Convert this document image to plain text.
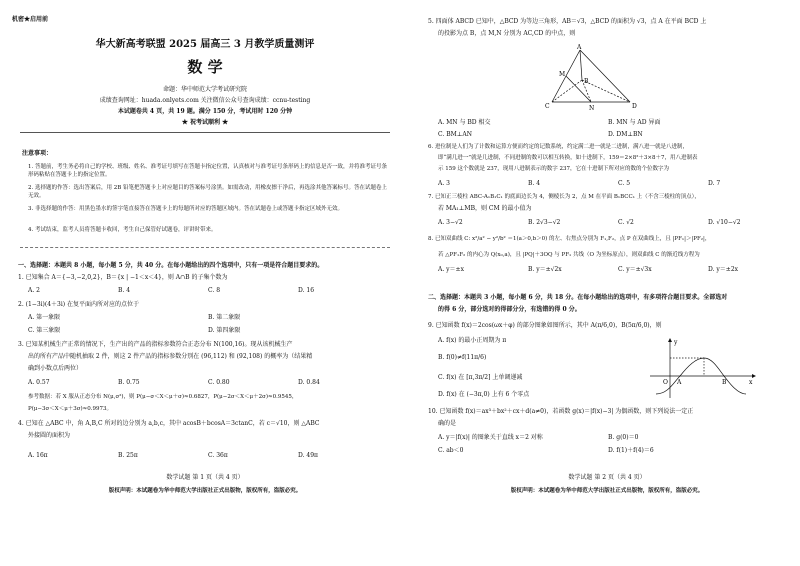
机密★启用前
华大新高考联盟 2025 届高三 3 月教学质量测评
数 学
命题：华中师范大学考试研究院
成绩查询网址：huada.onlyets.com 关注微信公众号查询成绩：ccnu-testing
本试题卷共 4 页，共 19 题。满分 150 分，考试用时 120 分钟
★ 祝考试顺利 ★
注意事项：
1. 答题前，考生务必将自己的学校、班级、姓名、准考证号填写在答题卡指定位置，认真核对与准考证号条形码上的信息是否一致，并将准考证号条形码粘贴在答题卡上的指定位置。
2. 选择题的作答：选出答案后，用 2B 铅笔把答题卡上对应题目的答案标号涂黑。如需改动，用橡皮擦干净后，再选涂其他答案标号。答在试题卷上无效。
3. 非选择题的作答：用黑色墨水的签字笔直接答在答题卡上的每题所对应的答题区域内。答在试题卷上或答题卡指定区域外无效。
4. 考试结束，监考人员将答题卡收回，考生自己保管好试题卷，评讲时带来。
一、选择题：本题共 8 小题，每小题 5 分，共 40 分。在每小题给出的四个选项中，只有一项是符合题目要求的。
1. 已知集合 A＝{−3,−2,0,2}，B＝{x | −1＜x＜4}，则 A∩B 的子集个数为
A. 2	B. 4	C. 8	D. 16
2. (1−3i)(4＋3i) 在复平面内所对应的点位于
A. 第一象限	B. 第二象限
C. 第三象限	D. 第四象限
3. 已知某机械生产正常的情况下，生产出的产品的指标参数符合正态分布 N(100,16)。现从该机械生产
出的所有产品中随机抽取 2 件，则这 2 件产品的指标参数分别在 (96,112) 和 (92,108) 的概率为（结果精
确到小数点后两位）
A. 0.57	B. 0.75	C. 0.80	D. 0.84
参考数据：若 X 服从正态分布 N(μ,σ²)，则 P(μ−σ＜X＜μ＋σ)≈0.6827，P(μ−2σ＜X＜μ＋2σ)≈0.9545，
P(μ−3σ＜X＜μ＋3σ)≈0.9973。
4. 已知在 △ABC 中，角 A,B,C 所对的边分别为 a,b,c，其中 acosB＋bcosA＝3ctanC，若 c＝√10，则 △ABC
外接圆的面积为
A. 16π	B. 25π	C. 36π	D. 49π
数学试题 第 1 页（共 4 页）
版权声明：本试题卷为华中师范大学出版社正式出版物，版权所有，盗版必究。
5. 四面体 ABCD 已知中，△BCD 为等边三角形，AB＝√3，△BCD 的面积为 √3，点 A 在平面 BCD 上
的投影为点 B，点 M,N 分别为 AC,CD 的中点，则
A
B
C	D
M
N
A. MN 与 BD 相交	B. MN 与 AD 异面
C. BM⊥AN	D. DM⊥BN
6. 进位制是人们为了计数和运算方便而约定的记数系统，约定满二进一就是二进制，满八进一就是八进制，
即“满几进一”就是几进制，不同进制的数可以相互转换，如十进制下，159＝2×8²＋3×8＋7，用八进制表
示 159 这个数就是 237，现用八进制表示的数字 237，它在十进制下所对应的数的个位数字为
A. 3	B. 4	C. 5	D. 7
7. 已知正三棱柱 ABC-A₁B₁C₁ 的底面边长为 4，侧棱长为 2，点 M 在平面 B₁BCC₁ 上（不含三棱柱的顶点），
若 MA₁⊥MB，则 CM 的最小值为
A. 3−√2	B. 2√3−√2	C. √2	D. √10−√2
8. 已知双曲线 C: x²/a² − y²/b² ＝1(a＞0,b＞0) 的左、右焦点分别为 F₁,F₂，点 P 在双曲线上，且 |PF₁|＞|PF₂|，
若 △PF₁F₂ 的内心为 Q(x₀,a)，且 |PQ|＋3OQ 与 PF₁ 共线（O 为坐标原点），则双曲线 C 的渐近线方程为
A. y＝±x	B. y＝±√2x	C. y＝±√3x	D. y＝±2x
二、选择题：本题共 3 小题，每小题 6 分，共 18 分。在每小题给出的选项中，有多项符合题目要求。全部选对
的得 6 分，部分选对的得部分分，有选错的得 0 分。
9. 已知函数 f(x)＝2cos(ωx＋φ) 的部分图象如图所示，其中 A(π/6,0)，B(5π/6,0)，则
A. f(x) 的最小正周期为 π
B. f(0)≠f(11π/6)
C. f(x) 在 [π,3π/2] 上单调递减
D. f(x) 在 (−3π,0) 上有 6 个零点
O A	B	x
y
10. 已知函数 f(x)＝ax³＋bx²＋cx＋d(a≠0)，若函数 g(x)＝|f(x)−3| 为偶函数，则下列说法一定正
确的是
A. y＝|f(x)| 的图象关于直线 x＝2 对称	B. g(0)＝0
C. ab＜0	D. f(1)＋f(4)＝6
数学试题 第 2 页（共 4 页）
版权声明：本试题卷为华中师范大学出版社正式出版物，版权所有，盗版必究。
